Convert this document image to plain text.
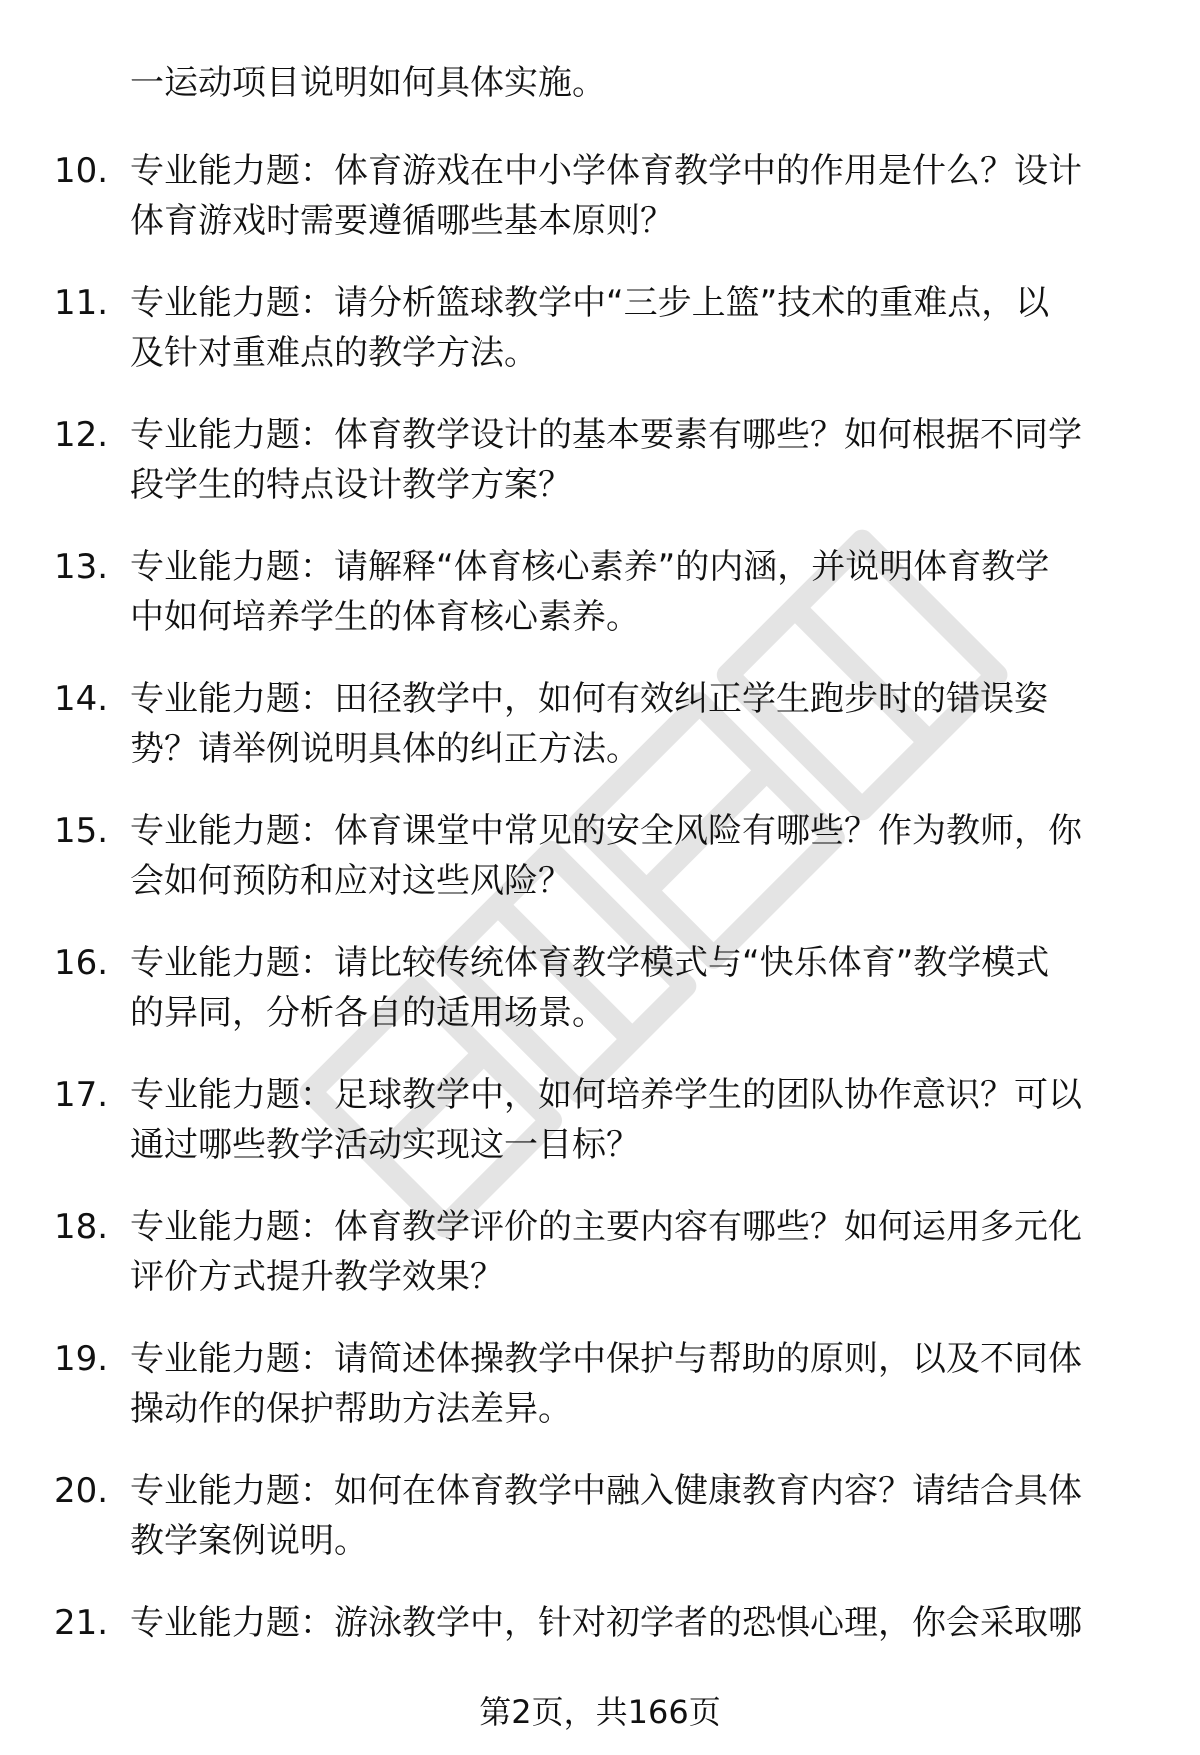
一运动项目说明如何具体实施。
10. 专业能力题：体育游戏在中小学体育教学中的作用是什么？设计
体育游戏时需要遵循哪些基本原则？
11. 专业能力题：请分析篮球教学中“三步上篮”技术的重难点，以
及针对重难点的教学方法。
12. 专业能力题：体育教学设计的基本要素有哪些？如何根据不同学
段学生的特点设计教学方案？
13. 专业能力题：请解释“体育核心素养”的内涵，并说明体育教学
中如何培养学生的体育核心素养。
14. 专业能力题：田径教学中，如何有效纠正学生跑步时的错误姿
势？请举例说明具体的纠正方法。
15. 专业能力题：体育课堂中常见的安全风险有哪些？作为教师，你
会如何预防和应对这些风险？
16. 专业能力题：请比较传统体育教学模式与“快乐体育”教学模式
的异同，分析各自的适用场景。
17. 专业能力题：足球教学中，如何培养学生的团队协作意识？可以
通过哪些教学活动实现这一目标？
18. 专业能力题：体育教学评价的主要内容有哪些？如何运用多元化
评价方式提升教学效果？
19. 专业能力题：请简述体操教学中保护与帮助的原则，以及不同体
操动作的保护帮助方法差异。
20. 专业能力题：如何在体育教学中融入健康教育内容？请结合具体
教学案例说明。
21. 专业能力题：游泳教学中，针对初学者的恐惧心理，你会采取哪
第2页，共166页
